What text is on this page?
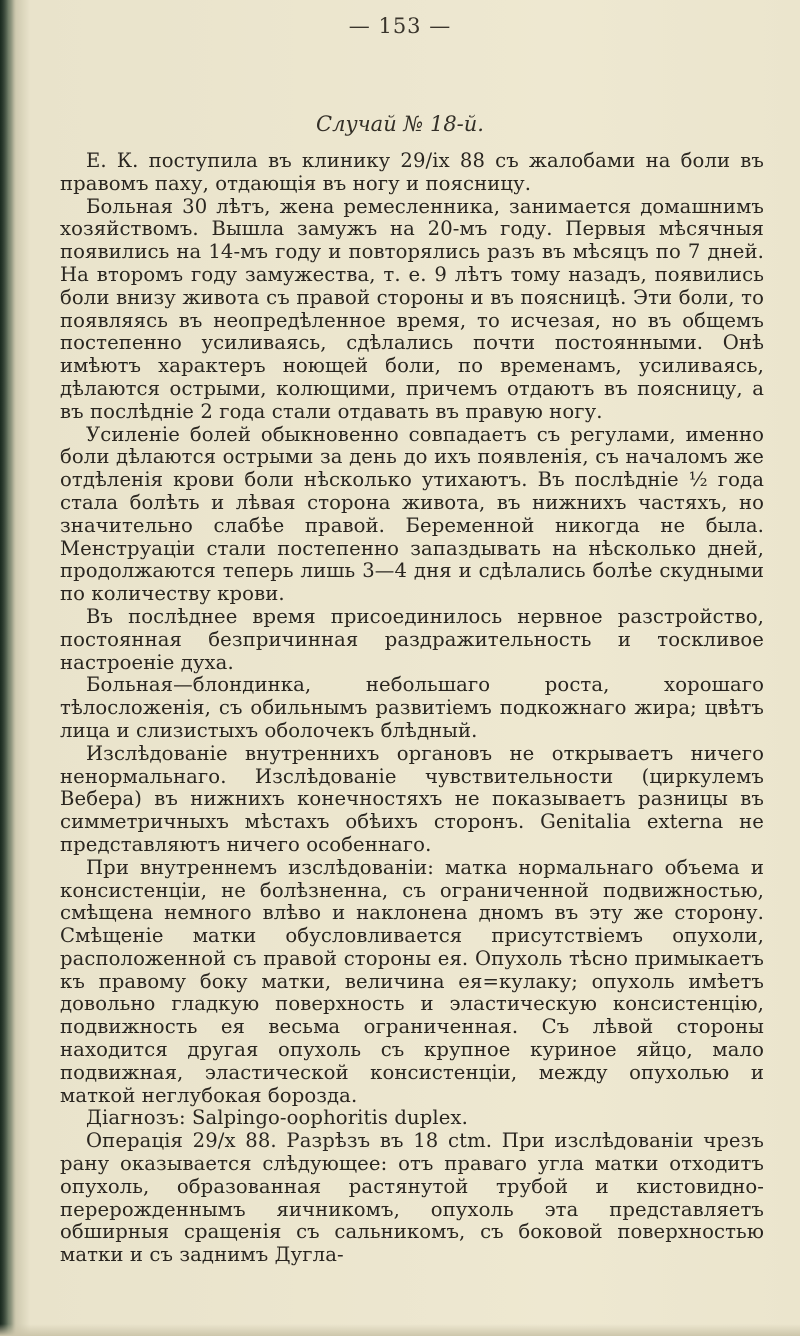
— 153 —
Случай № 18-й.

Е. К. поступила въ клинику 29/ix 88 съ жалобами на боли въ правомъ паху, отдающія въ ногу и поясницу.

Больная 30 лѣтъ, жена ремесленника, занимается домашнимъ хозяйствомъ. Вышла замужъ на 20-мъ году. Первыя мѣсячныя появились на 14-мъ году и повторялись разъ въ мѣсяцъ по 7 дней. На второмъ году замужества, т. е. 9 лѣтъ тому назадъ, появились боли внизу живота съ правой стороны и въ поясницѣ. Эти боли, то появляясь въ неопредѣленное время, то исчезая, но въ общемъ постепенно усиливаясь, сдѣлались почти постоянными. Онѣ имѣютъ характеръ ноющей боли, по временамъ, усиливаясь, дѣлаются острыми, колющими, причемъ отдаютъ въ поясницу, а въ послѣдніе 2 года стали отдавать въ правую ногу.

Усиленіе болей обыкновенно совпадаетъ съ регулами, именно боли дѣлаются острыми за день до ихъ появленія, съ началомъ же отдѣленія крови боли нѣсколько утихаютъ. Въ послѣдніе ½ года стала болѣть и лѣвая сторона живота, въ нижнихъ частяхъ, но значительно слабѣе правой. Беременной никогда не была. Менструаціи стали постепенно запаздывать на нѣсколько дней, продолжаются теперь лишь 3—4 дня и сдѣлались болѣе скудными по количеству крови.

Въ послѣднее время присоединилось нервное разстройство, постоянная безпричинная раздражительность и тоскливое настроеніе духа.

Больная—блондинка, небольшаго роста, хорошаго тѣлосложенія, съ обильнымъ развитіемъ подкожнаго жира; цвѣтъ лица и слизистыхъ оболочекъ блѣдный.

Изслѣдованіе внутреннихъ органовъ не открываетъ ничего ненормальнаго. Изслѣдованіе чувствительности (циркулемъ Вебера) въ нижнихъ конечностяхъ не показываетъ разницы въ симметричныхъ мѣстахъ обѣихъ сторонъ. Genitalia externa не представляютъ ничего особеннаго.

При внутреннемъ изслѣдованіи: матка нормальнаго объема и консистенціи, не болѣзненна, съ ограниченной подвижностью, смѣщена немного влѣво и наклонена дномъ въ эту же сторону. Смѣщеніе матки обусловливается присутствіемъ опухоли, расположенной съ правой стороны ея. Опухоль тѣсно примыкаетъ къ правому боку матки, величина ея=кулаку; опухоль имѣетъ довольно гладкую поверхность и эластическую консистенцію, подвижность ея весьма ограниченная. Съ лѣвой стороны находится другая опухоль съ крупное куриное яйцо, мало подвижная, эластической консистенціи, между опухолью и маткой неглубокая борозда.

Діагнозъ: Salpingo-oophoritis duplex.

Операція 29/x 88. Разрѣзъ въ 18 ctm. При изслѣдованіи чрезъ рану оказывается слѣдующее: отъ праваго угла матки отходитъ опухоль, образованная растянутой трубой и кистовидно-перерожденнымъ яичникомъ, опухоль эта представляетъ обширныя сращенія съ сальникомъ, съ боковой поверхностью матки и съ заднимъ Дугла-
